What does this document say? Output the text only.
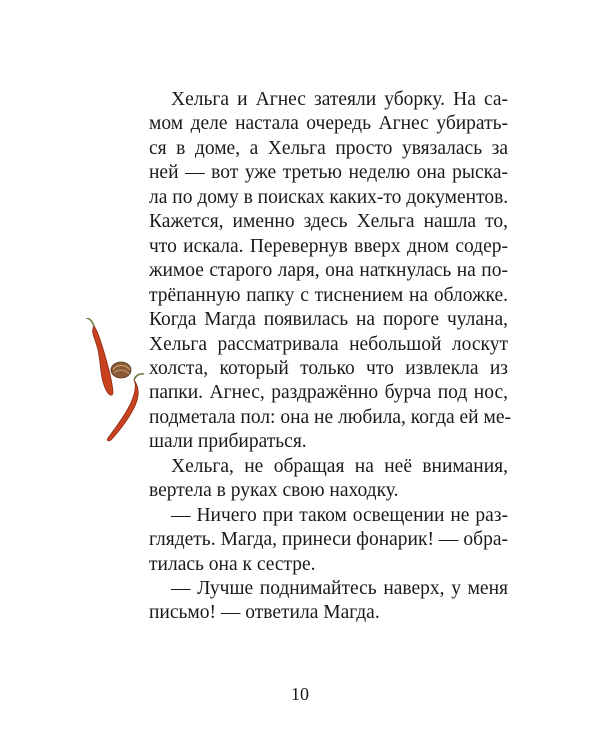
Хельга и Агнес затеяли уборку. На са-
мом деле настала очередь Агнес убирать-
ся в доме, а Хельга просто увязалась за
ней — вот уже третью неделю она рыска-
ла по дому в поисках каких-то документов.
Кажется, именно здесь Хельга нашла то,
что искала. Перевернув вверх дном содер-
жимое старого ларя, она наткнулась на по-
трёпанную папку с тиснением на обложке.
Когда Магда появилась на пороге чулана,
Хельга рассматривала небольшой лоскут
холста, который только что извлекла из
папки. Агнес, раздражённо бурча под нос,
подметала пол: она не любила, когда ей ме-
шали прибираться.
Хельга, не обращая на неё внимания,
вертела в руках свою находку.
— Ничего при таком освещении не раз-
глядеть. Магда, принеси фонарик! — обра-
тилась она к сестре.
— Лучше поднимайтесь наверх, у меня
письмо! — ответила Магда.
10
